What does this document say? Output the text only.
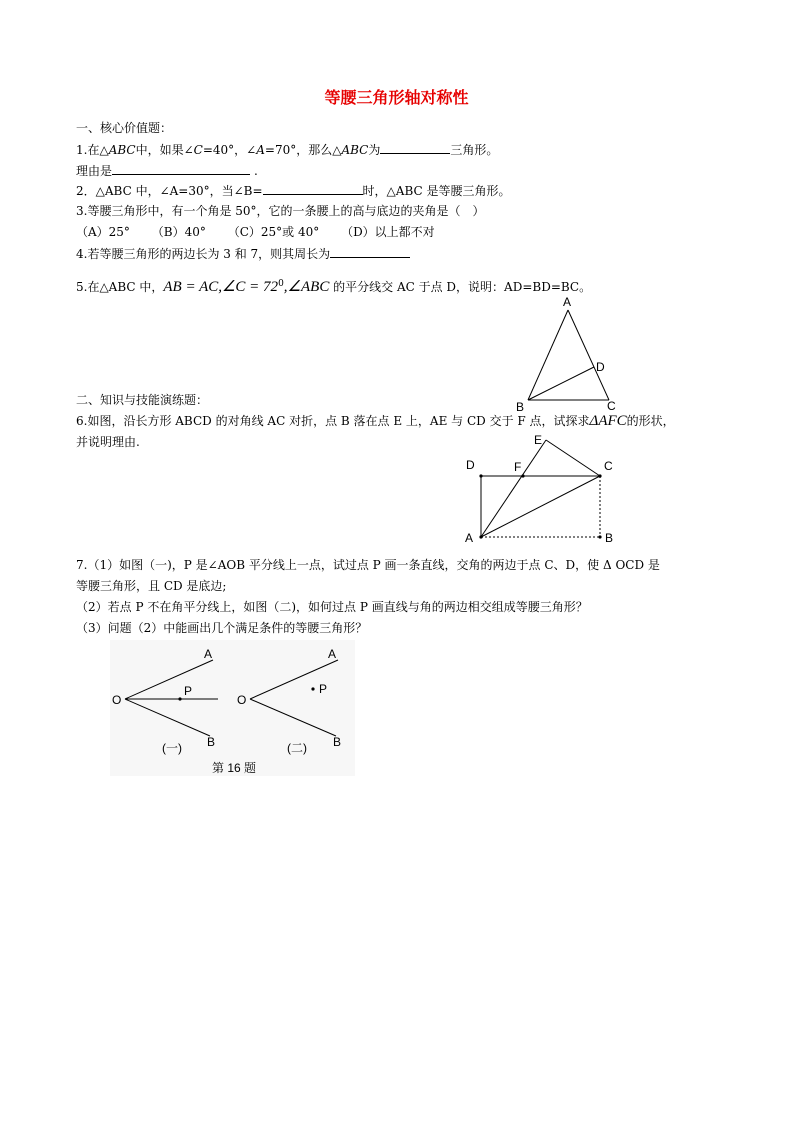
等腰三角形轴对称性
一、核心价值题：
1.在△ABC中，如果∠C=40°，∠A=70°，那么△ABC为	三角形。
理由是	.
2．△ABC 中，∠A=30°，当∠B=	时，△ABC 是等腰三角形。
3.等腰三角形中，有一个角是 50°，它的一条腰上的高与底边的夹角是（　）
（A）25° （B）40° （C）25°或 40° （D）以上都不对
4.若等腰三角形的两边长为 3 和 7，则其周长为
5.在△ABC 中，AB = AC,∠C = $72^0,\angle ABC$ 的平分线交 AC 于点 D，说明：AD=BD=BC。
A
B	C
D
二、知识与技能演练题：
6.如图，沿长方形 ABCD 的对角线 AC 对折，点 B 落在点 E 上，AE 与 CD 交于 F 点，试探求ΔAFC的形状，
并说明理由.	E
D	F	C
A	B
7.（1）如图（一)，P 是∠AOB 平分线上一点，试过点 P 画一条直线，交角的两边于点 C、D，使 Δ OCD 是
等腰三角形，且 CD 是底边;
（2）若点 P 不在角平分线上，如图（二)，如何过点 P 画直线与角的两边相交组成等腰三角形？
（3）问题（2）中能画出几个满足条件的等腰三角形？
O
A
B
P
(一)
O
A
B
P
(二)
第 16 题
